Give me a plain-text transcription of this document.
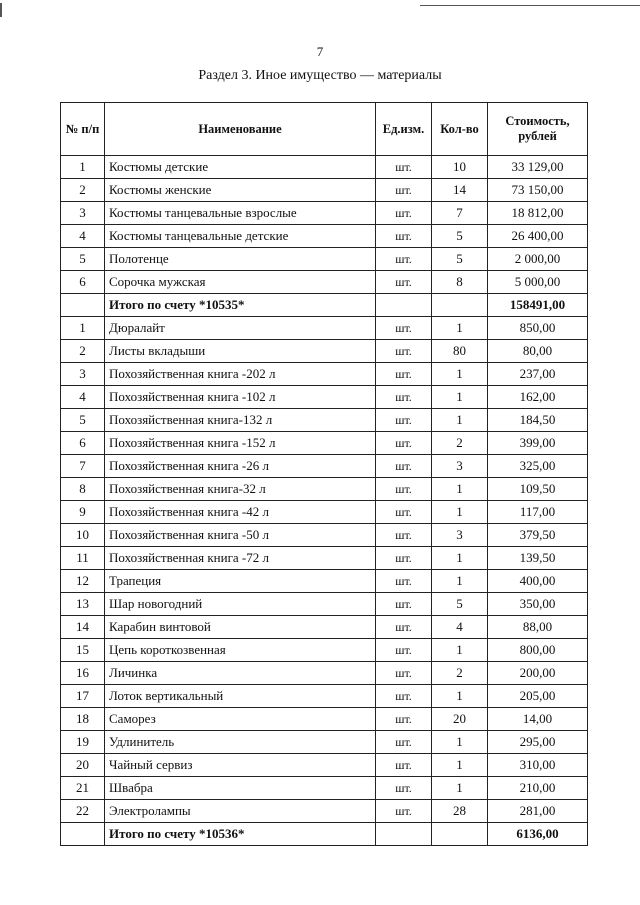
7
Раздел 3. Иное имущество — материалы
№ п/п	Наименование	Ед.изм.	Кол-во	Стоимость,
рублей

1	Костюмы детские	шт.	10	33 129,00
2	Костюмы женские	шт.	14	73 150,00
3	Костюмы танцевальные взрослые	шт.	7	18 812,00
4	Костюмы танцевальные детские	шт.	5	26 400,00
5	Полотенце	шт.	5	2 000,00
6	Сорочка мужская	шт.	8	5 000,00
	Итого по счету *10535*			158491,00
1	Дюралайт	шт.	1	850,00
2	Листы вкладыши	шт.	80	80,00
3	Похозяйственная книга -202 л	шт.	1	237,00
4	Похозяйственная книга -102 л	шт.	1	162,00
5	Похозяйственная книга-132 л	шт.	1	184,50
6	Похозяйственная книга -152 л	шт.	2	399,00
7	Похозяйственная книга -26 л	шт.	3	325,00
8	Похозяйственная книга-32 л	шт.	1	109,50
9	Похозяйственная книга -42 л	шт.	1	117,00
10	Похозяйственная книга -50 л	шт.	3	379,50
11	Похозяйственная книга -72 л	шт.	1	139,50
12	Трапеция	шт.	1	400,00
13	Шар новогодний	шт.	5	350,00
14	Карабин винтовой	шт.	4	88,00
15	Цепь короткозвенная	шт.	1	800,00
16	Личинка	шт.	2	200,00
17	Лоток вертикальный	шт.	1	205,00
18	Саморез	шт.	20	14,00
19	Удлинитель	шт.	1	295,00
20	Чайный сервиз	шт.	1	310,00
21	Швабра	шт.	1	210,00
22	Электролампы	шт.	28	281,00
	Итого по счету *10536*			6136,00
